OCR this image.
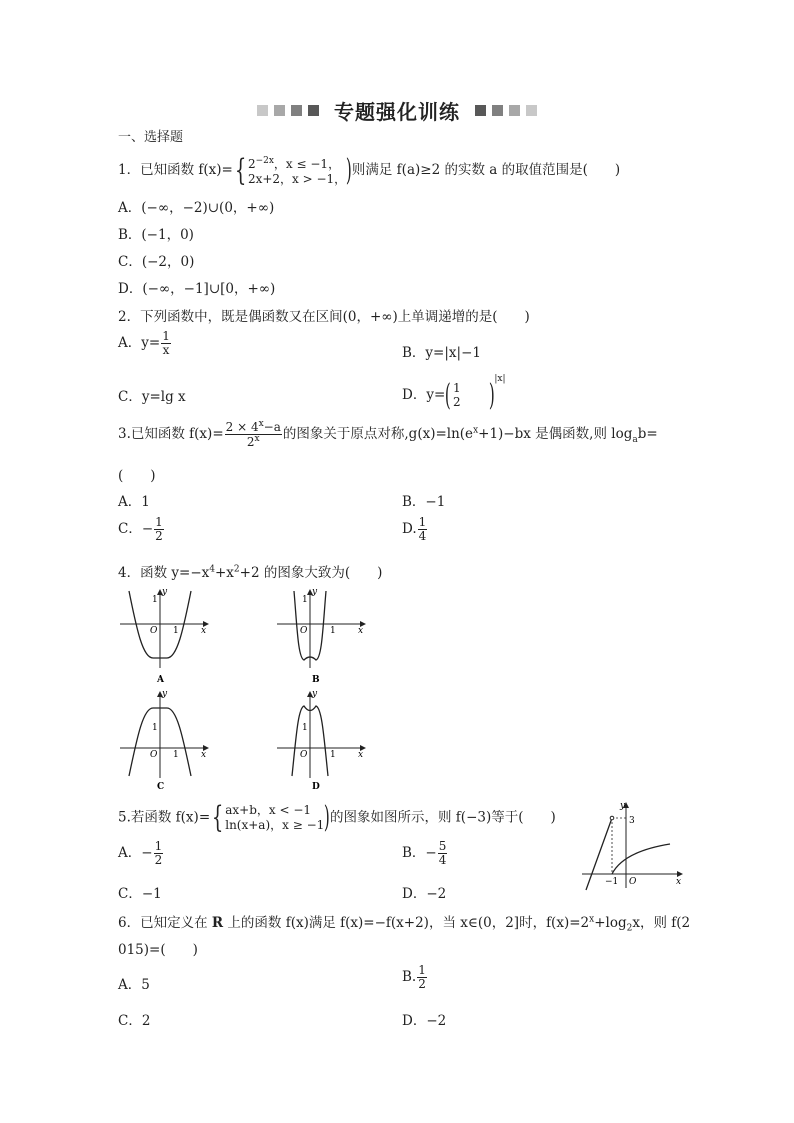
专题强化训练
一、选择题
1．已知函数 f(x)={ $2^{-2x}$，x ≤ −1，
2x+2，x > −1，)则满足 f(a)≥2 的实数 a 的取值范围是(　　)
A．(−∞，−2)∪(0，+∞)
B．(−1，0)
C．(−2，0)
D．(−∞，−1]∪[0，+∞)
2．下列函数中，既是偶函数又在区间(0，+∞)上单调递增的是(　　)
A．$y= \frac{1}{x}$	B．y=|x|−1
C．y=lg x	D．y=( 1
2 )$^{|x|}$
3.已知函数 $f(x)= \frac{2 \times 4^x-a}{2^x}$ 的图象关于原点对称$,g(x)=\ln(e^x+1)-bx$ 是偶函数,则 $\log_ab=$
(　　)
A．1	B．−1
C．− $\frac{1}{2}$	D. $\frac{1}{4}$
4．函数 $y=-x^4+x^2+2$ 的图象大致为(　　)
1
y
x
O 1
A
1
y
x
O	1
B
1
y
x
O 1
C
1
y
x
O	1
D
5.若函数 f(x)={ ax+b，x < −1
ln(x+a)，x ≥ −1)的图象如图所示，则 f(−3)等于(　　)
A．− $\frac{1}{2}$	B．− $\frac{5}{4}$
C．−1	D．−2
3
y
x
−1 O
6．已知定义在 R 上的函数 f(x)满足 f(x)=−f(x+2)，当 x∈(0，2]时，$f(x)=2^x+\log_2x$，则 f(2
015)=(　　)
A．5	B. $\frac{1}{2}$
C．2	D．−2
